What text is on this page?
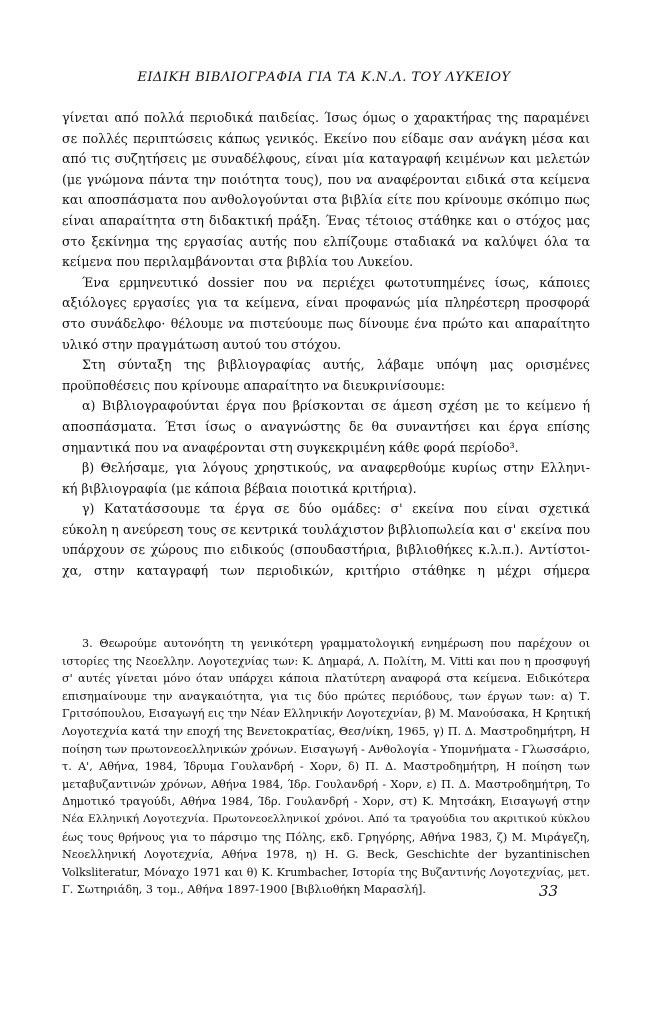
ΕΙΔΙΚΗ ΒΙΒΛΙΟΓΡΑΦΙΑ ΓΙΑ ΤΑ Κ.Ν.Λ. ΤΟΥ ΛΥΚΕΙΟΥ
γίνεται από πολλά περιοδικά παιδείας. Ίσως όμως ο χαρακτήρας της παραμένει
σε πολλές περιπτώσεις κάπως γενικός. Εκείνο που είδαμε σαν ανάγκη μέσα και
από τις συζητήσεις με συναδέλφους, είναι μία καταγραφή κειμένων και μελετών
(με γνώμονα πάντα την ποιότητα τους), που να αναφέρονται ειδικά στα κείμενα
και αποσπάσματα που ανθολογούνται στα βιβλία είτε που κρίνουμε σκόπιμο πως
είναι απαραίτητα στη διδακτική πράξη. Ένας τέτοιος στάθηκε και ο στόχος μας
στο ξεκίνημα της εργασίας αυτής που ελπίζουμε σταδιακά να καλύψει όλα τα
κείμενα που περιλαμβάνονται στα βιβλία του Λυκείου.
Ένα ερμηνευτικό dossier που να περιέχει φωτοτυπημένες ίσως, κάποιες
αξιόλογες εργασίες για τα κείμενα, είναι προφανώς μία πληρέστερη προσφορά
στο συνάδελφο· θέλουμε να πιστεύουμε πως δίνουμε ένα πρώτο και απαραίτητο
υλικό στην πραγμάτωση αυτού του στόχου.
Στη σύνταξη της βιβλιογραφίας αυτής, λάβαμε υπόψη μας ορισμένες
προϋποθέσεις που κρίνουμε απαραίτητο να διευκρινίσουμε:
α) Βιβλιογραφούνται έργα που βρίσκονται σε άμεση σχέση με το κείμενο ή
αποσπάσματα. Έτσι ίσως ο αναγνώστης δε θα συναντήσει και έργα επίσης
σημαντικά που να αναφέρονται στη συγκεκριμένη κάθε φορά περίοδο³.
β) Θελήσαμε, για λόγους χρηστικούς, να αναφερθούμε κυρίως στην Ελληνι-
κή βιβλιογραφία (με κάποια βέβαια ποιοτικά κριτήρια).
γ) Κατατάσσουμε τα έργα σε δύο ομάδες: σ' εκείνα που είναι σχετικά
εύκολη η ανεύρεση τους σε κεντρικά τουλάχιστον βιβλιοπωλεία και σ' εκείνα που
υπάρχουν σε χώρους πιο ειδικούς (σπουδαστήρια, βιβλιοθήκες κ.λ.π.). Αντίστοι-
χα, στην καταγραφή των περιοδικών, κριτήριο στάθηκε η μέχρι σήμερα
3. Θεωρούμε αυτονόητη τη γενικότερη γραμματολογική ενημέρωση που παρέχουν οι
ιστορίες της Νεοελλην. Λογοτεχνίας των: Κ. Δημαρά, Λ. Πολίτη, M. Vitti και που η προσφυγή
σ' αυτές γίνεται μόνο όταν υπάρχει κάποια πλατύτερη αναφορά στα κείμενα. Ειδικότερα
επισημαίνουμε την αναγκαιότητα, για τις δύο πρώτες περιόδους, των έργων των: α) Τ.
Γριτσόπουλου, Εισαγωγή εις την Νέαν Ελληνικήν Λογοτεχνίαν, β) Μ. Μανούσακα, Η Κρητική
Λογοτεχνία κατά την εποχή της Βενετοκρατίας, Θεσ/νίκη, 1965, γ) Π. Δ. Μαστροδημήτρη, Η
ποίηση των πρωτονεοελληνικών χρόνων. Εισαγωγή - Ανθολογία - Υπομνήματα - Γλωσσάριο,
τ. Α', Αθήνα, 1984, Ίδρυμα Γουλανδρή - Χορν, δ) Π. Δ. Μαστροδημήτρη, Η ποίηση των
μεταβυζαντινών χρόνων, Αθήνα 1984, Ίδρ. Γουλανδρή - Χορν, ε) Π. Δ. Μαστροδημήτρη, Το
Δημοτικό τραγούδι, Αθήνα 1984, Ίδρ. Γουλανδρή - Χορν, στ) Κ. Μητσάκη, Εισαγωγή στην
Νέα Ελληνική Λογοτεχνία. Πρωτονεοελληνικοί χρόνοι. Από τα τραγούδια του ακριτικού κύκλου
έως τους θρήνους για το πάρσιμο της Πόλης, εκδ. Γρηγόρης, Αθήνα 1983, ζ) Μ. Μιράγεζη,
Νεοελληνική Λογοτεχνία, Αθήνα 1978, η) H. G. Beck, Geschichte der byzantinischen
Volksliteratur, Μόναχο 1971 και θ) K. Krumbacher, Ιστορία της Βυζαντινής Λογοτεχνίας, μετ.
Γ. Σωτηριάδη, 3 τομ., Αθήνα 1897-1900 [Βιβλιοθήκη Μαρασλή].	33
